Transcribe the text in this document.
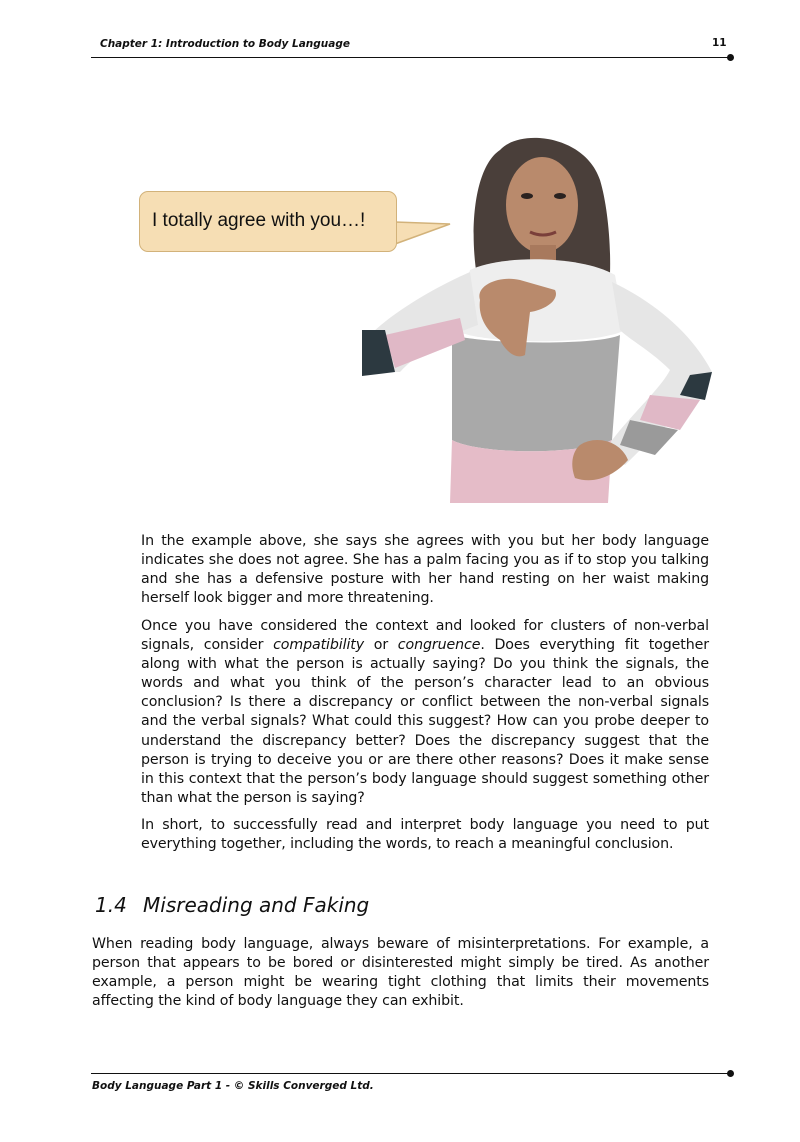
Chapter 1: Introduction to Body Language	11
I totally agree with you…!

In the example above, she says she agrees with you but her body language indicates she does not agree. She has a palm facing you as if to stop you talking and she has a defensive posture with her hand resting on her waist making herself look bigger and more threatening.

Once you have considered the context and looked for clusters of non-verbal signals, consider compatibility or congruence. Does everything fit together along with what the person is actually saying? Do you think the signals, the words and what you think of the person’s character lead to an obvious conclusion? Is there a discrepancy or conflict between the non-verbal signals and the verbal signals? What could this suggest? How can you probe deeper to understand the discrepancy better? Does the discrepancy suggest that the person is trying to deceive you or are there other reasons? Does it make sense in this context that the person’s body language should suggest something other than what the person is saying?

In short, to successfully read and interpret body language you need to put everything together, including the words, to reach a meaningful conclusion.

1.4 Misreading and Faking

When reading body language, always beware of misinterpretations. For example, a person that appears to be bored or disinterested might simply be tired. As another example, a person might be wearing tight clothing that limits their movements affecting the kind of body language they can exhibit.

Body Language Part 1 - © Skills Converged Ltd.
